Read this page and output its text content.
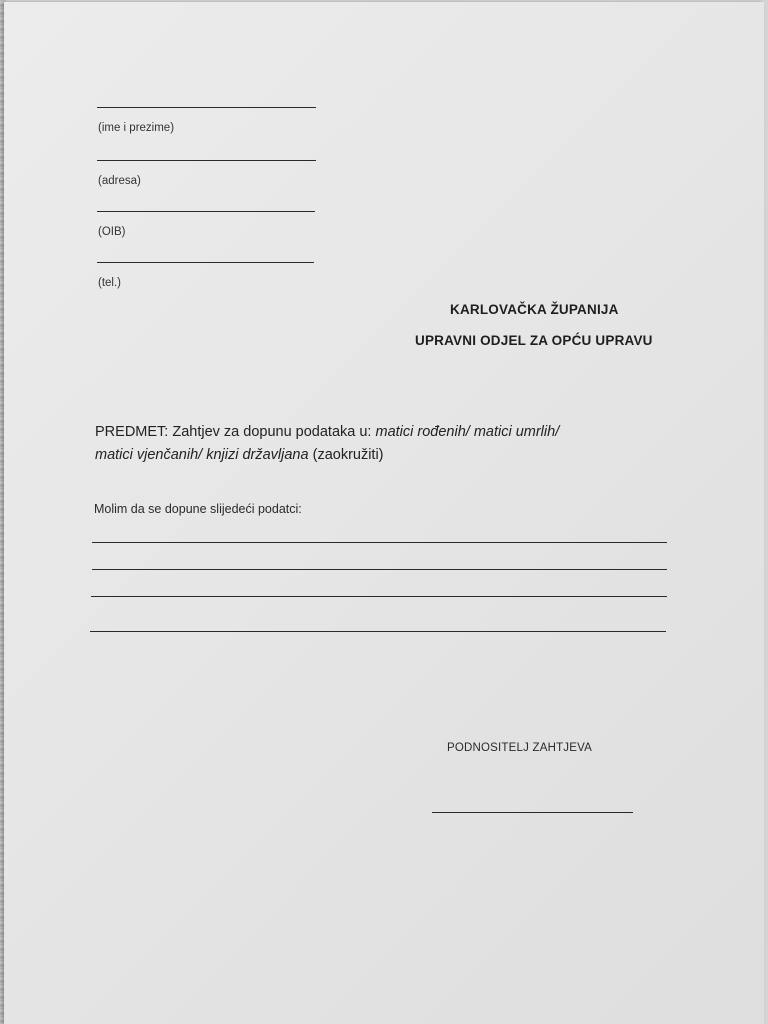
(ime i prezime)
(adresa)
(OIB)
(tel.)
KARLOVAČKA ŽUPANIJA
UPRAVNI ODJEL ZA OPĆU UPRAVU
PREDMET: Zahtjev za dopunu podataka u: matici rođenih/ matici umrlih/
matici vjenčanih/ knjizi državljana (zaokružiti)
Molim da se dopune slijedeći podatci:
PODNOSITELJ ZAHTJEVA
